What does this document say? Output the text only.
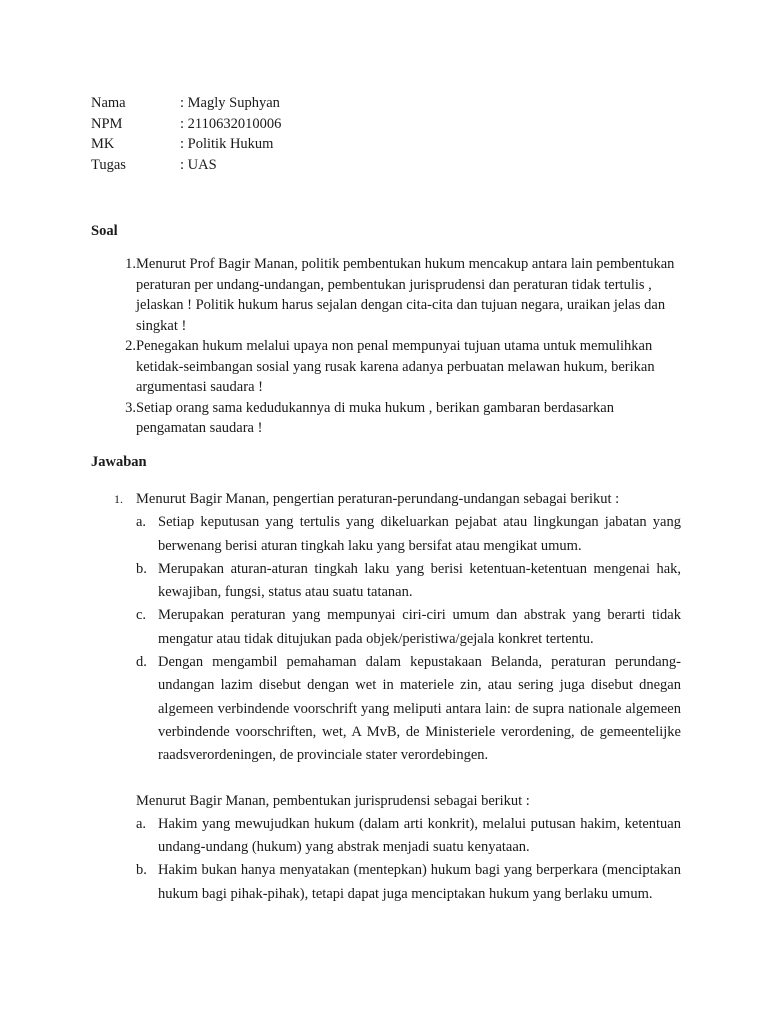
Nama	: Magly Suphyan
NPM	: 2110632010006
MK	: Politik Hukum
Tugas	: UAS
Soal
1. Menurut Prof Bagir Manan, politik pembentukan hukum mencakup antara lain pembentukan peraturan per undang-undangan, pembentukan jurisprudensi dan peraturan tidak tertulis , jelaskan ! Politik hukum harus sejalan dengan cita-cita dan tujuan negara, uraikan jelas dan singkat !
2. Penegakan hukum melalui upaya non penal mempunyai tujuan utama untuk memulihkan ketidak-seimbangan sosial yang rusak karena adanya perbuatan melawan hukum, berikan argumentasi saudara !
3. Setiap orang sama kedudukannya di muka hukum , berikan gambaran berdasarkan pengamatan saudara !
Jawaban
1. Menurut Bagir Manan, pengertian peraturan-perundang-undangan sebagai berikut :
a. Setiap keputusan yang tertulis yang dikeluarkan pejabat atau lingkungan jabatan yang berwenang berisi aturan tingkah laku yang bersifat atau mengikat umum.
b. Merupakan aturan-aturan tingkah laku yang berisi ketentuan-ketentuan mengenai hak, kewajiban, fungsi, status atau suatu tatanan.
c. Merupakan peraturan yang mempunyai ciri-ciri umum dan abstrak yang berarti tidak mengatur atau tidak ditujukan pada objek/peristiwa/gejala konkret tertentu.
d. Dengan mengambil pemahaman dalam kepustakaan Belanda, peraturan perundang-undangan lazim disebut dengan wet in materiele zin, atau sering juga disebut dnegan algemeen verbindende voorschrift yang meliputi antara lain: de supra nationale algemeen verbindende voorschriften, wet, A MvB, de Ministeriele verordening, de gemeentelijke raadsverordeningen, de provinciale stater verordebingen.
Menurut Bagir Manan, pembentukan jurisprudensi sebagai berikut :
a. Hakim yang mewujudkan hukum (dalam arti konkrit), melalui putusan hakim, ketentuan undang-undang (hukum) yang abstrak menjadi suatu kenyataan.
b. Hakim bukan hanya menyatakan (mentepkan) hukum bagi yang berperkara (menciptakan hukum bagi pihak-pihak), tetapi dapat juga menciptakan hukum yang berlaku umum.
